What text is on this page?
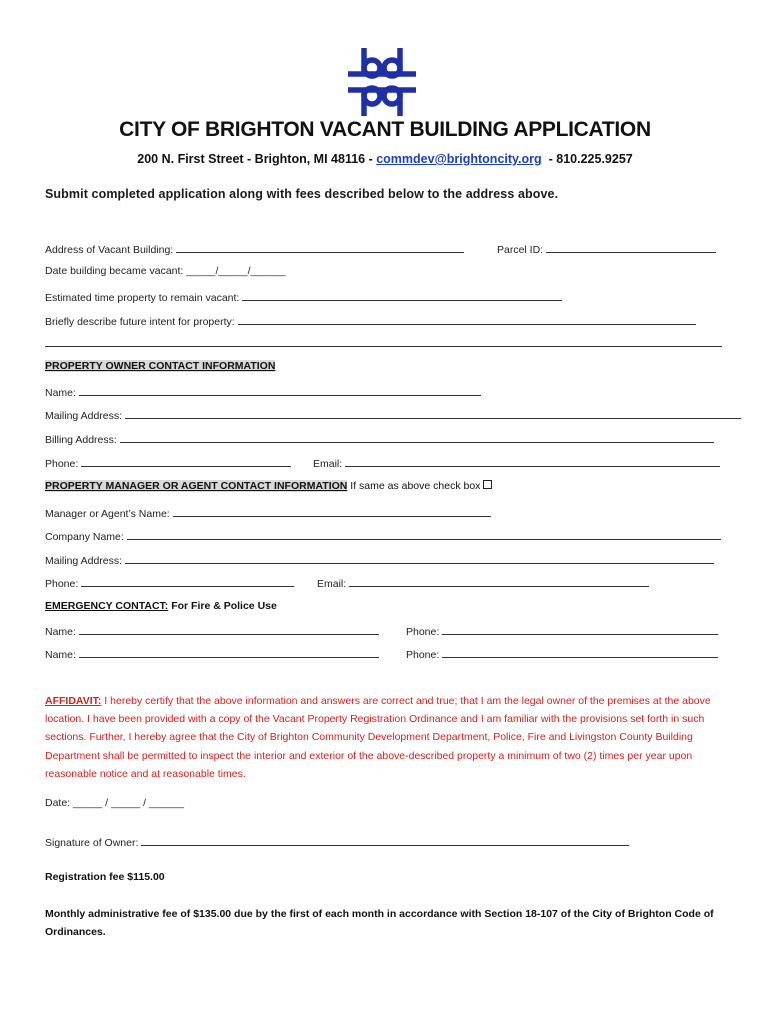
CITY OF BRIGHTON VACANT BUILDING APPLICATION
200 N. First Street - Brighton, MI 48116 - commdev@brightoncity.org - 810.225.9257
Submit completed application along with fees described below to the address above.
Address of Vacant Building:	Parcel ID:
Date building became vacant: _____/_____/______
Estimated time property to remain vacant:
Briefly describe future intent for property:
PROPERTY OWNER CONTACT INFORMATION
Name:
Mailing Address:
Billing Address:
Phone:	Email:
PROPERTY MANAGER OR AGENT CONTACT INFORMATION If same as above check box
Manager or Agent’s Name:
Company Name:
Mailing Address:
Phone:	Email:
EMERGENCY CONTACT: For Fire & Police Use
Name:	Phone:
Name:	Phone:
AFFIDAVIT: I hereby certify that the above information and answers are correct and true; that I am the legal owner of the premises at the above location. I have been provided with a copy of the Vacant Property Registration Ordinance and I am familiar with the provisions set forth in such sections. Further, I hereby agree that the City of Brighton Community Development Department, Police, Fire and Livingston County Building Department shall be permitted to inspect the interior and exterior of the above-described property a minimum of two (2) times per year upon reasonable notice and at reasonable times.
Date: _____ / _____ / ______
Signature of Owner:
Registration fee $115.00
Monthly administrative fee of $135.00 due by the first of each month in accordance with Section 18-107 of the City of Brighton Code of Ordinances.
